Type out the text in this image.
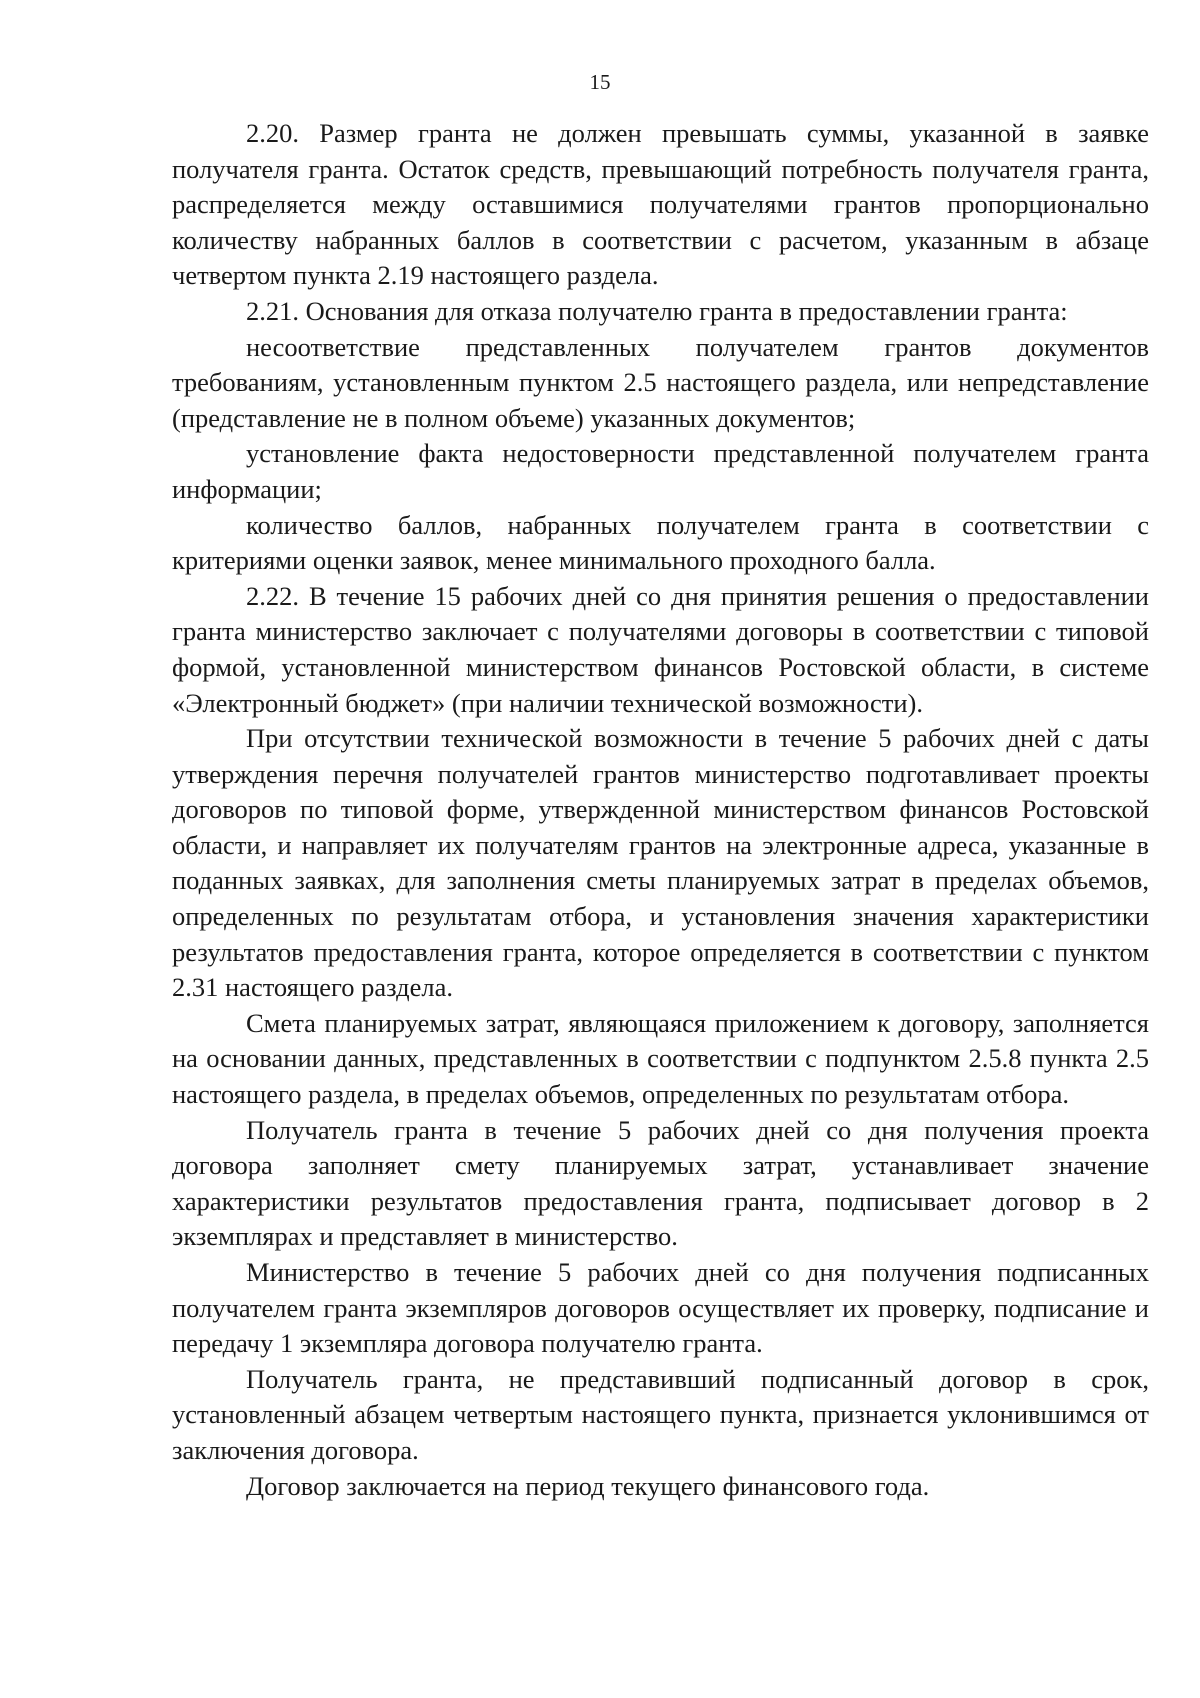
15

2.20. Размер гранта не должен превышать суммы, указанной в заявке получателя гранта. Остаток средств, превышающий потребность получателя гранта, распределяется между оставшимися получателями грантов пропорционально количеству набранных баллов в соответствии с расчетом, указанным в абзаце четвертом пункта 2.19 настоящего раздела.

2.21. Основания для отказа получателю гранта в предоставлении гранта:

несоответствие представленных получателем грантов документов требованиям, установленным пунктом 2.5 настоящего раздела, или непредставление (представление не в полном объеме) указанных документов;

установление факта недостоверности представленной получателем гранта информации;

количество баллов, набранных получателем гранта в соответствии с критериями оценки заявок, менее минимального проходного балла.

2.22. В течение 15 рабочих дней со дня принятия решения о предоставлении гранта министерство заключает с получателями договоры в соответствии с типовой формой, установленной министерством финансов Ростовской области, в системе «Электронный бюджет» (при наличии технической возможности).

При отсутствии технической возможности в течение 5 рабочих дней с даты утверждения перечня получателей грантов министерство подготавливает проекты договоров по типовой форме, утвержденной министерством финансов Ростовской области, и направляет их получателям грантов на электронные адреса, указанные в поданных заявках, для заполнения сметы планируемых затрат в пределах объемов, определенных по результатам отбора, и установления значения характеристики результатов предоставления гранта, которое определяется в соответствии с пунктом 2.31 настоящего раздела.

Смета планируемых затрат, являющаяся приложением к договору, заполняется на основании данных, представленных в соответствии с подпунктом 2.5.8 пункта 2.5 настоящего раздела, в пределах объемов, определенных по результатам отбора.

Получатель гранта в течение 5 рабочих дней со дня получения проекта договора заполняет смету планируемых затрат, устанавливает значение характеристики результатов предоставления гранта, подписывает договор в 2 экземплярах и представляет в министерство.

Министерство в течение 5 рабочих дней со дня получения подписанных получателем гранта экземпляров договоров осуществляет их проверку, подписание и передачу 1 экземпляра договора получателю гранта.

Получатель гранта, не представивший подписанный договор в срок, установленный абзацем четвертым настоящего пункта, признается уклонившимся от заключения договора.

Договор заключается на период текущего финансового года.
